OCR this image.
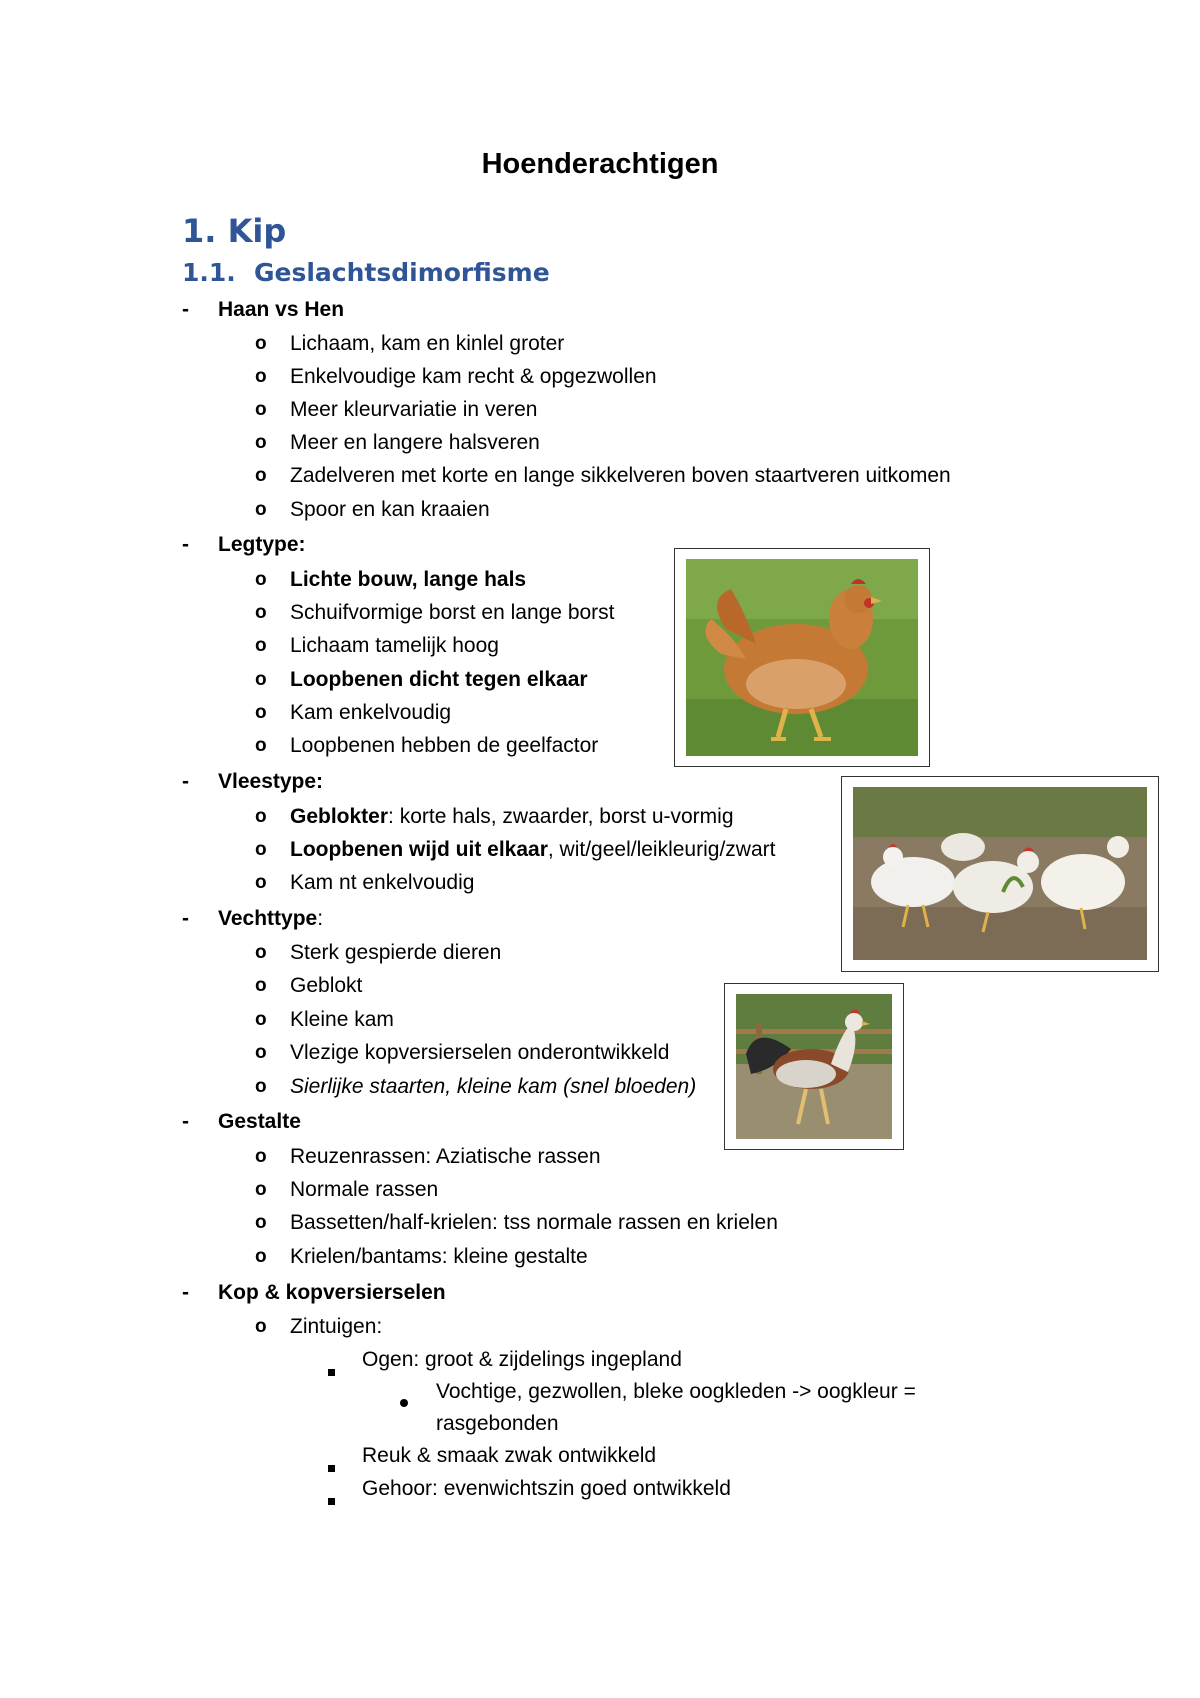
Hoenderachtigen
1. Kip
1.1. Geslachtsdimorfisme
-	Haan vs Hen
o Lichaam, kam en kinlel groter
o Enkelvoudige kam recht & opgezwollen
o Meer kleurvariatie in veren
o Meer en langere halsveren
o Zadelveren met korte en lange sikkelveren boven staartveren uitkomen
o Spoor en kan kraaien
-	Legtype:
o Lichte bouw, lange hals
o Schuifvormige borst en lange borst
o Lichaam tamelijk hoog
o Loopbenen dicht tegen elkaar
o Kam enkelvoudig
o Loopbenen hebben de geelfactor
-	Vleestype:
o Geblokter: korte hals, zwaarder, borst u-vormig
o Loopbenen wijd uit elkaar, wit/geel/leikleurig/zwart
o Kam nt enkelvoudig
-	Vechttype:
o Sterk gespierde dieren
o Geblokt
o Kleine kam
o Vlezige kopversierselen onderontwikkeld
o Sierlijke staarten, kleine kam (snel bloeden)
-	Gestalte
o Reuzenrassen: Aziatische rassen
o Normale rassen
o Bassetten/half-krielen: tss normale rassen en krielen
o Krielen/bantams: kleine gestalte
-	Kop & kopversierselen
o Zintuigen:
Ogen: groot & zijdelings ingepland
Vochtige, gezwollen, bleke oogkleden -> oogkleur =
rasgebonden
Reuk & smaak zwak ontwikkeld
Gehoor: evenwichtszin goed ontwikkeld
